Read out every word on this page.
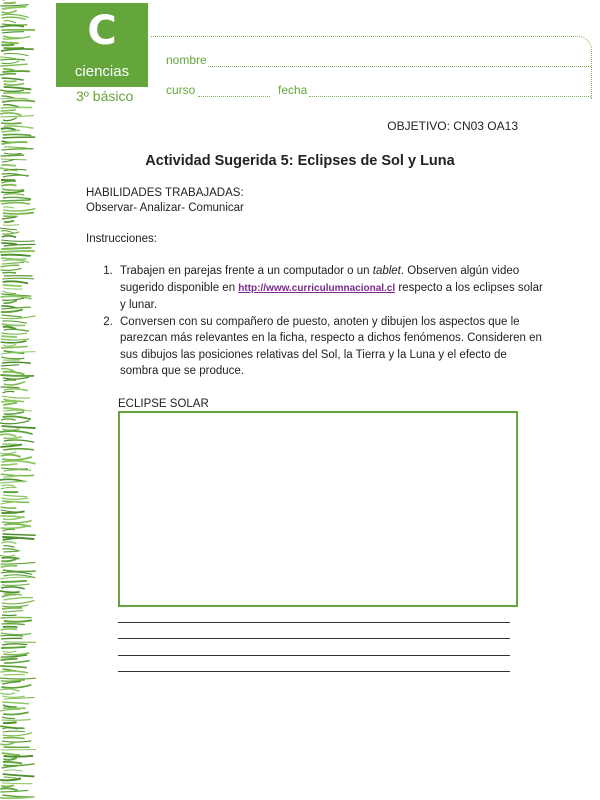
C
ciencias
3º básico
nombre
curso	fecha
OBJETIVO: CN03 OA13
Actividad Sugerida 5: Eclipses de Sol y Luna
HABILIDADES TRABAJADAS:
Observar- Analizar- Comunicar
Instrucciones:
1. Trabajen en parejas frente a un computador o un tablet. Observen algún video sugerido disponible en http://www.curriculumnacional.cl respecto a los eclipses solar y lunar.
2. Conversen con su compañero de puesto, anoten y dibujen los aspectos que le parezcan más relevantes en la ficha, respecto a dichos fenómenos. Consideren en sus dibujos las posiciones relativas del Sol, la Tierra y la Luna y el efecto de sombra que se produce.
ECLIPSE SOLAR
